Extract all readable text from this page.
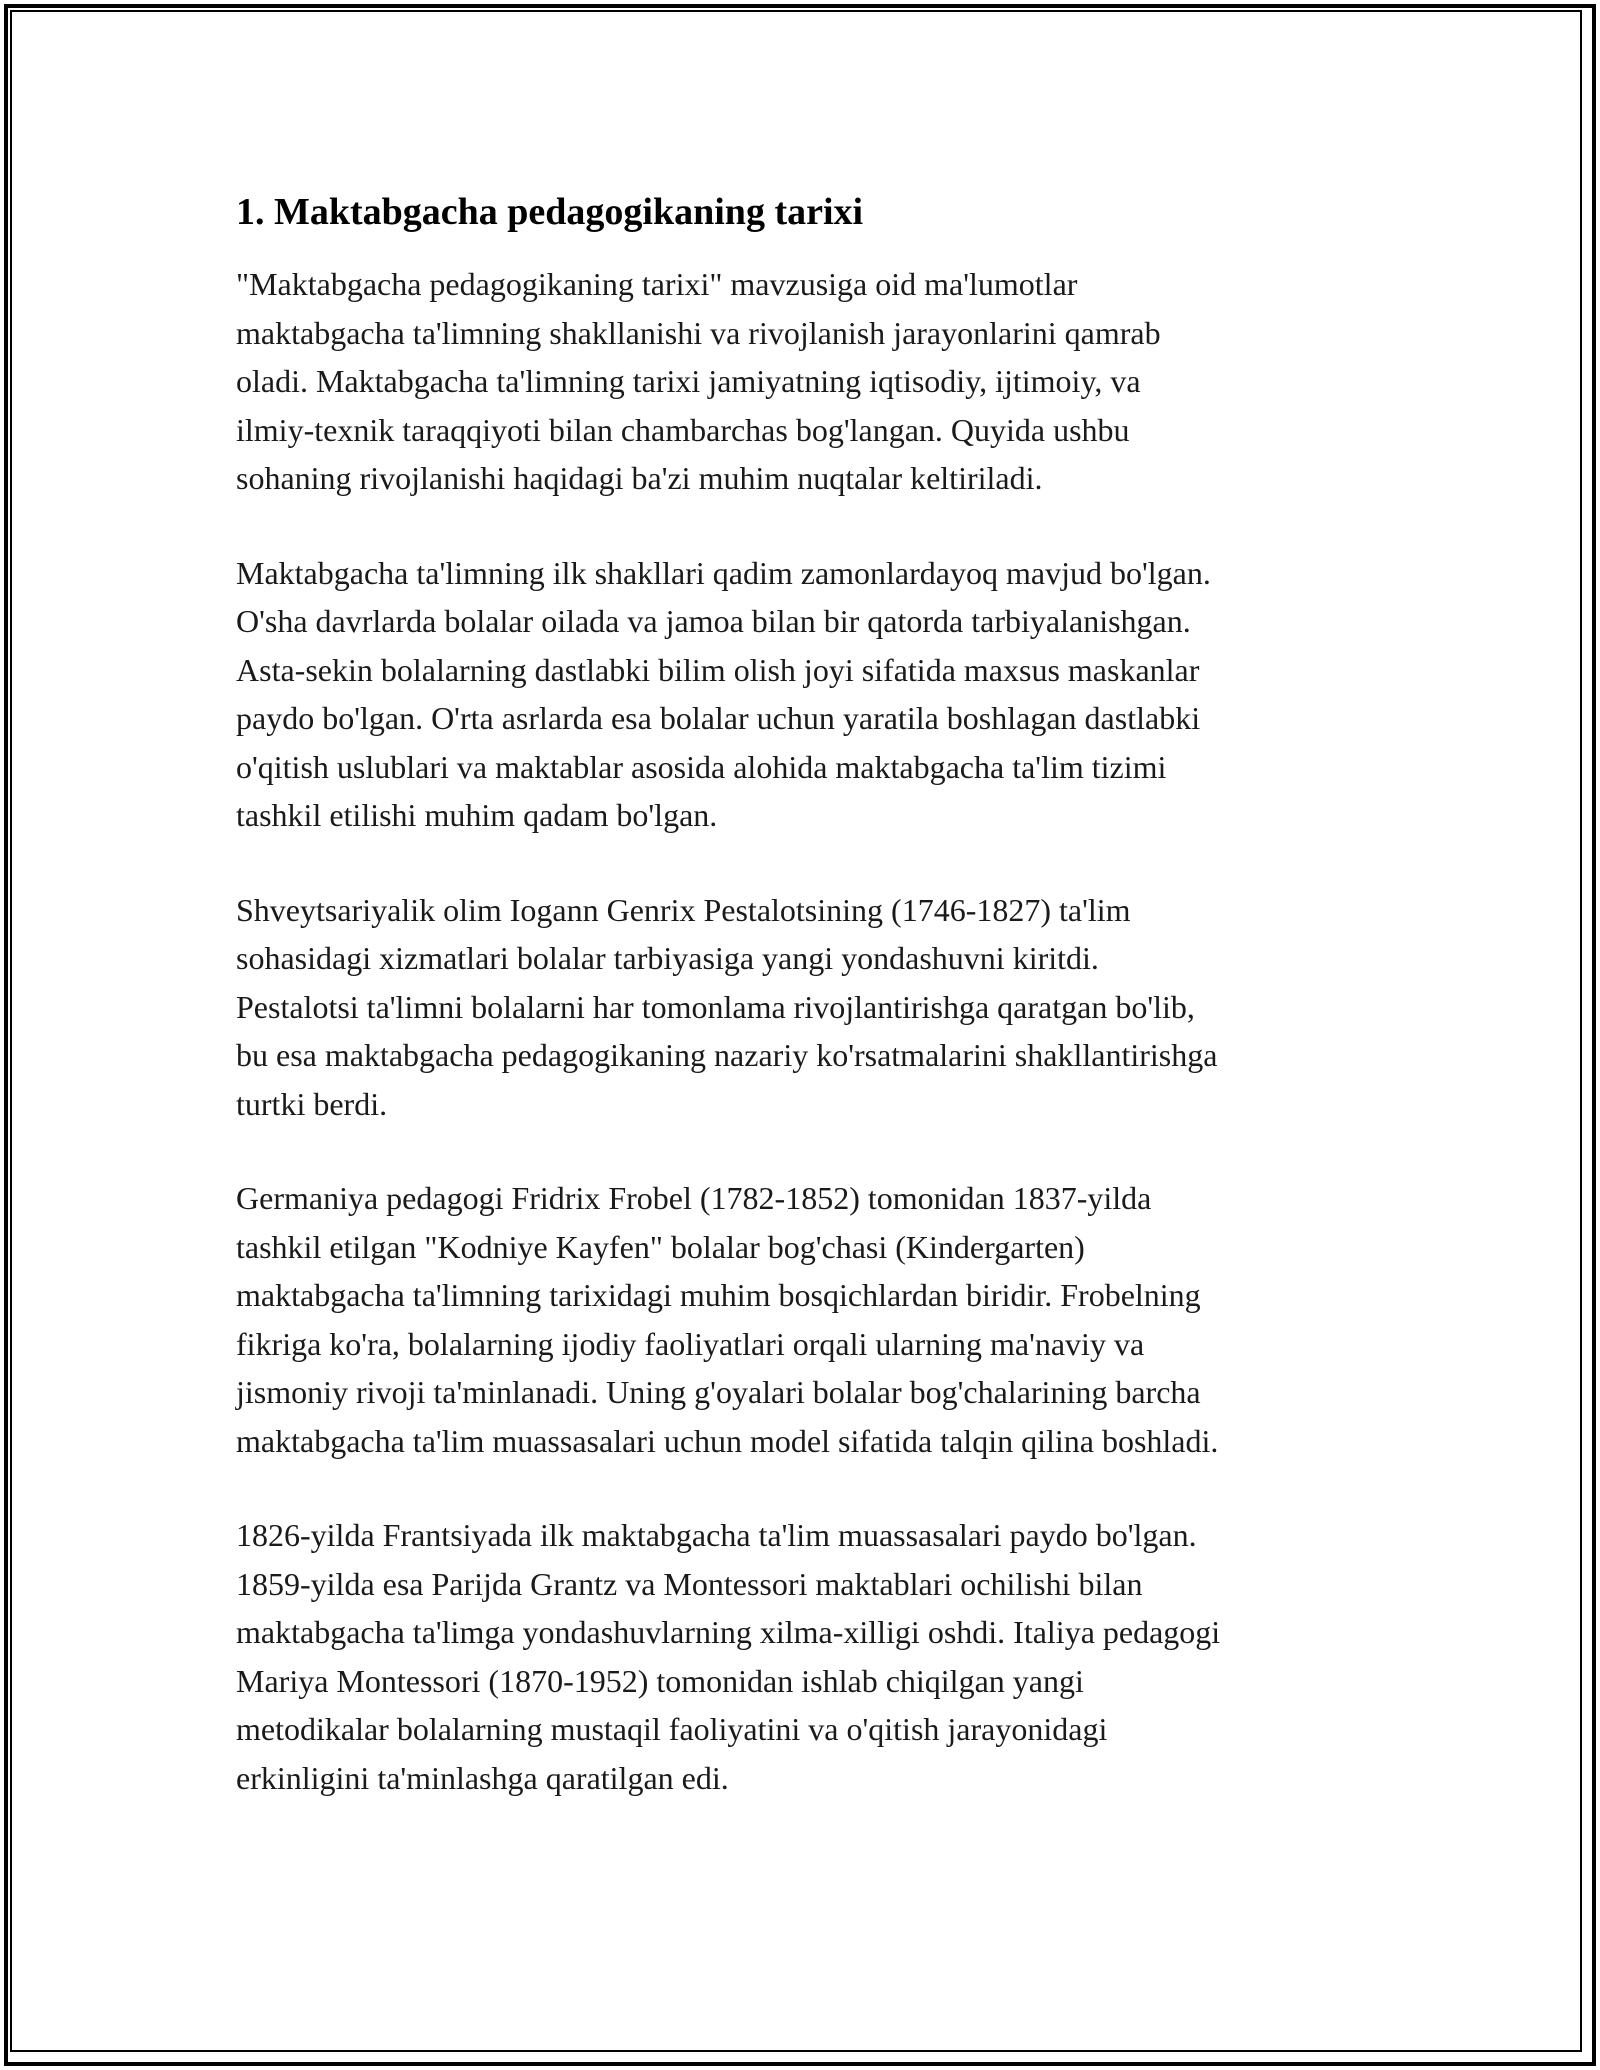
1. Maktabgacha pedagogikaning tarixi

"Maktabgacha pedagogikaning tarixi" mavzusiga oid ma'lumotlar
maktabgacha ta'limning shakllanishi va rivojlanish jarayonlarini qamrab
oladi. Maktabgacha ta'limning tarixi jamiyatning iqtisodiy, ijtimoiy, va
ilmiy-texnik taraqqiyoti bilan chambarchas bog'langan. Quyida ushbu
sohaning rivojlanishi haqidagi ba'zi muhim nuqtalar keltiriladi.

Maktabgacha ta'limning ilk shakllari qadim zamonlardayoq mavjud bo'lgan.
O'sha davrlarda bolalar oilada va jamoa bilan bir qatorda tarbiyalanishgan.
Asta-sekin bolalarning dastlabki bilim olish joyi sifatida maxsus maskanlar
paydo bo'lgan. O'rta asrlarda esa bolalar uchun yaratila boshlagan dastlabki
o'qitish uslublari va maktablar asosida alohida maktabgacha ta'lim tizimi
tashkil etilishi muhim qadam bo'lgan.

Shveytsariyalik olim Iogann Genrix Pestalotsining (1746-1827) ta'lim
sohasidagi xizmatlari bolalar tarbiyasiga yangi yondashuvni kiritdi.
Pestalotsi ta'limni bolalarni har tomonlama rivojlantirishga qaratgan bo'lib,
bu esa maktabgacha pedagogikaning nazariy ko'rsatmalarini shakllantirishga
turtki berdi.

Germaniya pedagogi Fridrix Frobel (1782-1852) tomonidan 1837-yilda
tashkil etilgan "Kodniye Kayfen" bolalar bog'chasi (Kindergarten)
maktabgacha ta'limning tarixidagi muhim bosqichlardan biridir. Frobelning
fikriga ko'ra, bolalarning ijodiy faoliyatlari orqali ularning ma'naviy va
jismoniy rivoji ta'minlanadi. Uning g'oyalari bolalar bog'chalarining barcha
maktabgacha ta'lim muassasalari uchun model sifatida talqin qilina boshladi.

1826-yilda Frantsiyada ilk maktabgacha ta'lim muassasalari paydo bo'lgan.
1859-yilda esa Parijda Grantz va Montessori maktablari ochilishi bilan
maktabgacha ta'limga yondashuvlarning xilma-xilligi oshdi. Italiya pedagogi
Mariya Montessori (1870-1952) tomonidan ishlab chiqilgan yangi
metodikalar bolalarning mustaqil faoliyatini va o'qitish jarayonidagi
erkinligini ta'minlashga qaratilgan edi.
